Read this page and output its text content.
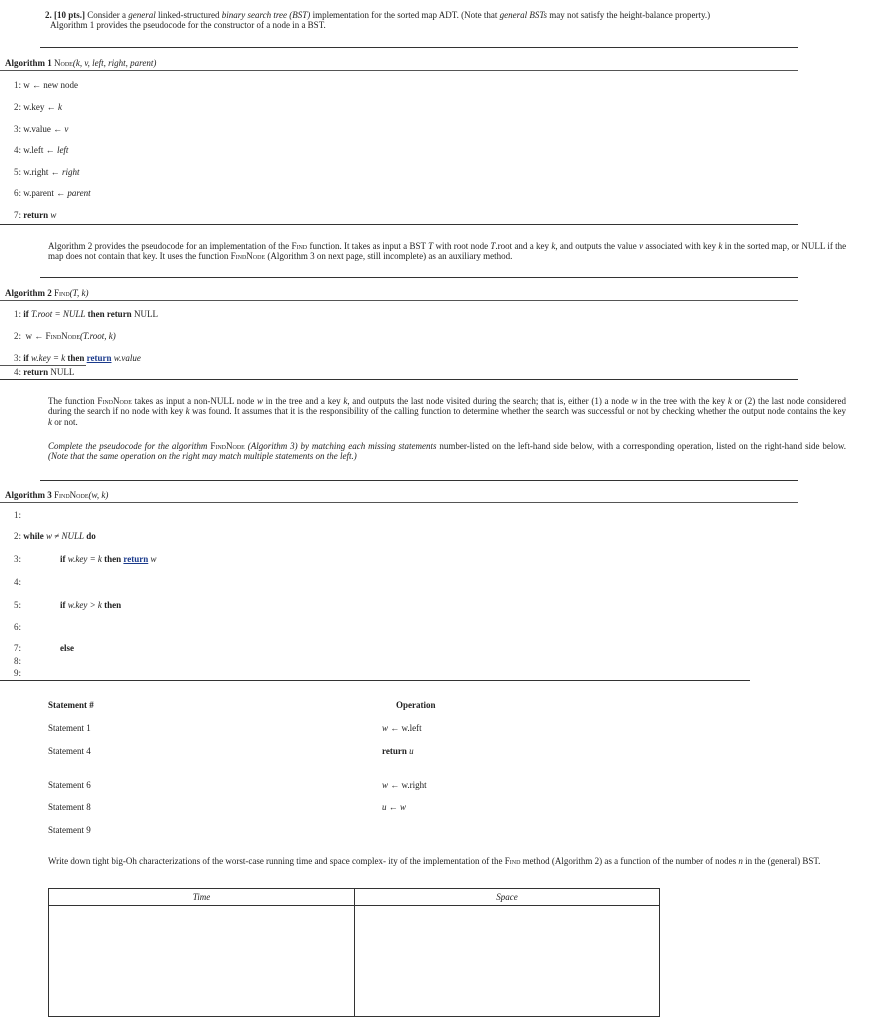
2. [10 pts.] Consider a general linked-structured binary search tree (BST) implementation for the sorted map ADT. (Note that general BSTs may not satisfy the height-balance property.)
Algorithm 1 provides the pseudocode for the constructor of a node in a BST.
Algorithm 1 Node(k, v, left, right, parent)
1: w ← new node
2: w.key ← k
3: w.value ← v
4: w.left ← left
5: w.right ← right
6: w.parent ← parent
7: return w
Algorithm 2 provides the pseudocode for an implementation of the Find function. It takes as input a BST T with root node T.root and a key k, and outputs the value v associated with key k in the sorted map, or NULL if the map does not contain that key. It uses the function FindNode (Algorithm 3 on next page, still incomplete) as an auxiliary method.
Algorithm 2 Find(T, k)
1: if T.root = NULL then return NULL
2: w ← FindNode(T.root, k)
3: if w.key = k then return w.value
4: return NULL
The function FindNode takes as input a non-NULL node w in the tree and a key k, and outputs the last node visited during the search; that is, either (1) a node w in the tree with the key k or (2) the last node considered during the search if no node with key k was found. It assumes that it is the responsibility of the calling function to determine whether the search was successful or not by checking whether the output node contains the key k or not.
Complete the pseudocode for the algorithm FindNode (Algorithm 3) by matching each missing statements number-listed on the left-hand side below, with a corresponding operation, listed on the right-hand side below. (Note that the same operation on the right may match multiple statements on the left.)
Algorithm 3 FindNode(w, k)
1:
2: while w ≠ NULL do
3:	if w.key = k then return w
4:
5:	if w.key > k then
6:
7:	else
8:
9:
Statement #	Operation
Statement 1	w ← w.left
Statement 4	return u
Statement 6	w ← w.right
Statement 8	u ← w
Statement 9
Write down tight big-Oh characterizations of the worst-case running time and space complex- ity of the implementation of the Find method (Algorithm 2) as a function of the number of nodes n in the (general) BST.
Time	Space
